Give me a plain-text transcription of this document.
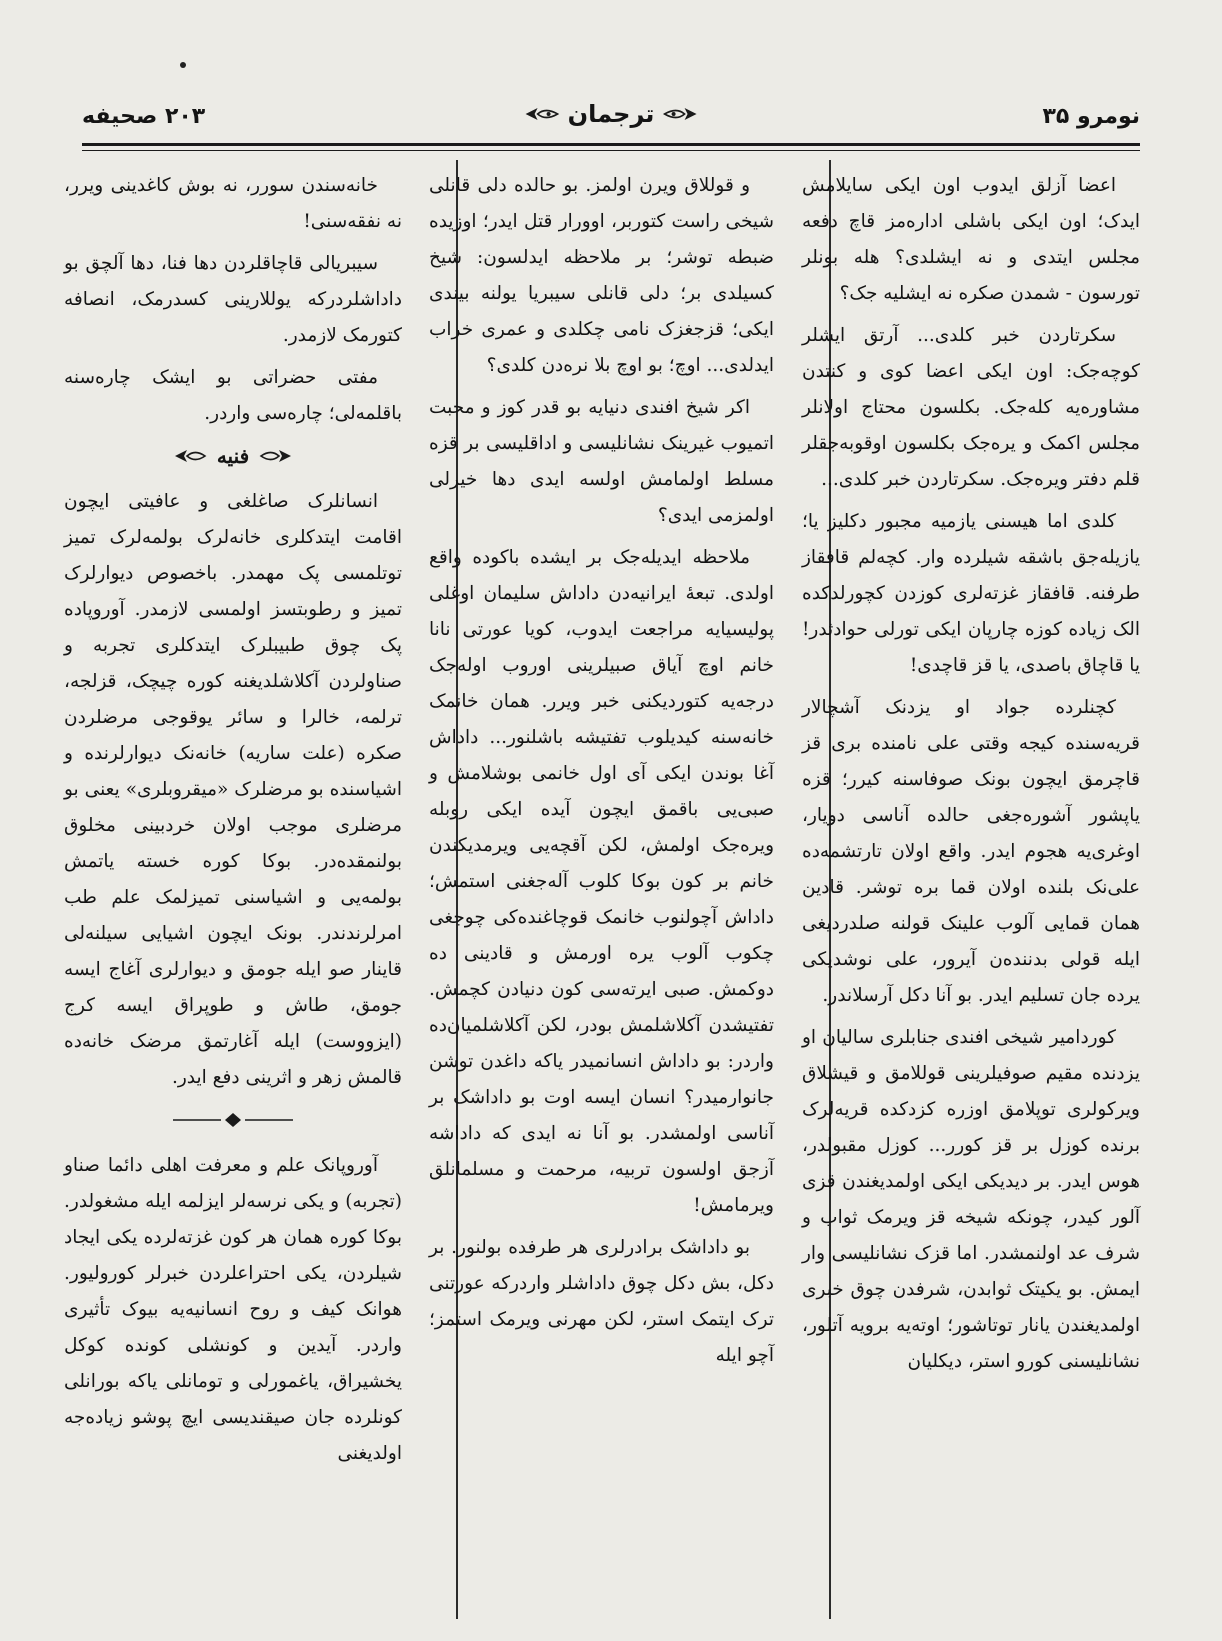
۲۰۳ صحیفه	ترجمان	نومرو ۳۵

اعضا آزلق ایدوب اون ایکی سایلامش ایدک؛ اون ایکی باشلی اداره‌مز قاچ دفعه مجلس ایتدی و نه ایشلدی؟ هله بونلر تورسون - شمدن صکره نه ایشلیه جک؟

سکرتاردن خبر کلدی... آرتق ایشلر کوچه‌جک: اون ایکی اعضا کوی و کنتدن مشاوره‌یه کله‌جک. بکلسون محتاج اولانلر مجلس اکمک و یره‌جک بکلسون اوقوبه‌جقلر قلم دفتر ویره‌جک. سکرتاردن خبر کلدی...

کلدی اما هیسنی یازمیه مجبور دکلیز یا؛ یازیله‌جق باشقه شیلرده وار. کچه‌لم قافقاز طرفنه. قافقاز غزته‌لری کوزدن کچورلدکده الک زیاده کوزه چارپان ایکی تورلی حوادثدر! یا قاچاق باصدی، یا قز قاچدی!

کچنلرده جواد او یزدنک آشچالار قریه‌سنده کیجه وقتی علی نامنده بری قز قاچرمق ایچون بونک صوفاسنه کیرر؛ قزه یاپشور آشوره‌جغی حالده آناسی دویار، اوغری‌یه هجوم ایدر. واقع اولان تارتشمه‌ده علی‌نک بلنده اولان قما بره توشر. قادین همان قمایی آلوب علینک قولنه صلدردیغی ایله قولی بدننده‌ن آیرور، علی نوشدیکی یرده جان تسلیم ایدر. بو آنا دکل آرسلاندر.

کوردامیر شیخی افندی جنابلری سالیان او یزدنده مقیم صوفیلرینی قوللامق و قیشلاق ویرکولری توپلامق اوزره کزدکده قریه‌لرک برنده کوزل بر قز کورر... کوزل مقبولدر، هوس ایدر. بر دیدیکی ایکی اولمدیغندن قزی آلور کیدر، چونکه شیخه قز ویرمک ثواب و شرف عد اولنمشدر. اما قزک نشانلیسی وار ایمش. بو یکیتک ثوابدن، شرفدن چوق خبری اولمدیغندن یانار توتاشور؛ اوته‌یه برویه آتلور، نشانلیسنی کورو استر، دیکلیان

و قوللاق ویرن اولمز. بو حالده دلی قانلی شیخی راست کتوربر، اوورار قتل ایدر؛ اوزیده ضبطه توشر؛ بر ملاحظه ایدلسون: شیخ کسیلدی بر؛ دلی قانلی سیبریا یولنه بیندی ایکی؛ قزجغزک نامی چکلدی و عمری خراب ایدلدی... اوچ؛ بو اوچ بلا نره‌دن کلدی؟

اکر شیخ افندی دنیایه بو قدر کوز و محبت اتمیوب غیرینک نشانلیسی و اداقلیسی بر قزه مسلط اولمامش اولسه ایدی دها خیرلی اولمزمی ایدی؟

ملاحظه ایدیله‌جک بر ایشده باکوده واقع اولدی. تبعهٔ ایرانیه‌دن داداش سلیمان اوغلی پولیسیایه مراجعت ایدوب، کویا عورتی نانا خانم اوچ آیاق صبیلرینی اوروب اوله‌جک درجه‌یه کتوردیکنی خبر ویرر. همان خانمک خانه‌سنه کیدیلوب تفتیشه باشلنور... داداش آغا بوندن ایکی آی اول خانمی بوشلامش و صبی‌یی باقمق ایچون آیده ایکی روبله ویره‌جک اولمش، لکن آقچه‌یی ویرمدیکندن خانم بر کون بوکا کلوب آله‌جغنی استمش؛ داداش آچولنوب خانمک قوچاغنده‌کی چوجغی چکوب آلوب یره اورمش و قادینی ده دوکمش. صبی ایرته‌سی کون دنیادن کچمش. تفتیشدن آکلاشلمش بودر، لکن آکلاشلمیان‌ده واردر: بو داداش انسانمیدر یاکه داغدن توشن جانوارمیدر؟ انسان ایسه اوت بو داداشک بر آناسی اولمشدر. بو آنا نه ایدی که داداشه آزجق اولسون تربیه، مرحمت و مسلمانلق ویرمامش!

بو داداشک برادرلری هر طرفده بولنور. بر دکل، بش دکل چوق داداشلر واردرکه عورتنی ترک ایتمک استر، لکن مهرنی ویرمک استمز؛ آچو ایله

خانه‌سندن سورر، نه بوش کاغدینی ویرر، نه نفقه‌سنی!

سیبریالی قاچاقلردن دها فنا، دها آلچق بو داداشلردرکه یوللارینی کسدرمک، انصافه کتورمک لازمدر.

مفتی حضراتی بو ایشک چاره‌سنه باقلمه‌لی؛ چاره‌سی واردر.

فنیه

انسانلرک صاغلغی و عافیتی ایچون اقامت ایتدکلری خانه‌لرک بولمه‌لرک تمیز توتلمسی پک مهمدر. باخصوص دیوارلرک تمیز و رطوبتسز اولمسی لازمدر. آوروپاده پک چوق طبیبلرک ایتدکلری تجربه و صناولردن آکلاشلدیغنه کوره چیچک، قزلجه، ترلمه، خالرا و سائر یوقوجی مرضلردن صکره (علت ساریه) خانه‌نک دیوارلرنده و اشیاسنده بو مرضلرک «میقروبلری» یعنی بو مرضلری موجب اولان خردبینی مخلوق بولنمقده‌در. بوکا کوره خسته یاتمش بولمه‌یی و اشیاسنی تمیزلمک علم طب امرلرندندر. بونک ایچون اشیایی سیلنه‌لی قاینار صو ایله جومق و دیوارلری آغاج ایسه جومق، طاش و طوپراق ایسه کرج (ایزووست) ایله آغارتمق مرضک خانه‌ده قالمش زهر و اثرینی دفع ایدر.

آوروپانک علم و معرفت اهلی دائما صناو (تجربه) و یکی نرسه‌لر ایزلمه ایله مشغولدر. بوکا کوره همان هر کون غزته‌لرده یکی ایجاد شیلردن، یکی احتراعلردن خبرلر کورولیور. هوانک کیف و روح انسانیه‌یه بیوک تأثیری واردر. آیدین و کونشلی کونده کوکل یخشیراق، یاغمورلی و تومانلی یاکه بورانلی کونلرده جان صیقندیسی ایچ پوشو زیاده‌جه اولدیغنی
